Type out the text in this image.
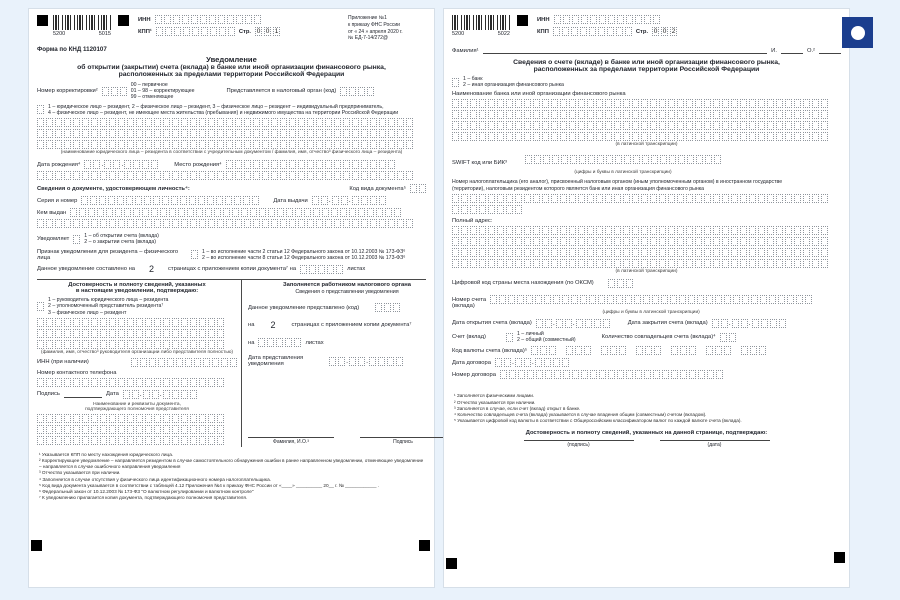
5200	5015
ИНН
КПП¹	Стр. 0 0 1
Приложение №1
к приказу ФНС России
от « 24 » апреля 2020 г.
№ ЕД-7-14/272@
Форма по КНД 1120107
Уведомление
об открытии (закрытии) счета (вклада) в банке или иной организации финансового рынка,
расположенных за пределами территории Российской Федерации
Номер корректировки²
00 – первичное
01 – 98 – корректирующее
99 – отменяющее
Представляется в налоговый орган (код)
1 – юридическое лицо – резидент, 2 – физическое лицо – резидент, 3 – физическое лицо – резидент – индивидуальный предприниматель,
4 – физическое лицо – резидент, не имеющее места жительства (пребывания) и недвижимого имущества на территории Российской Федерации
(наименование юридического лица – резидента в соответствии с учредительным документом / фамилия, имя, отчество³ физического лица – резидента)
Дата рождения⁴	.	.	Место рождения⁴
Сведения о документе, удостоверяющем личность⁴:	Код вида документа⁵
Серия и номер	Дата выдачи	.	.
Кем выдан
Уведомляет
1 – об открытии счета (вклада)
2 – о закрытии счета (вклада)
Признак уведомления для резидента – физического лица
1 – во исполнение части 2 статьи 12 Федерального закона от 10.12.2003 № 173-ФЗ⁶
2 – во исполнение части 8 статьи 12 Федерального закона от 10.12.2003 № 173-ФЗ⁶
Данное уведомление составлено на 2 страницах с приложением копии документа⁷ на	листах
Достоверность и полноту сведений, указанных
в настоящем уведомлении, подтверждаю:
1 – руководитель юридического лица – резидента
2 – уполномоченный представитель резидента⁷
3 – физическое лицо – резидент
(фамилия, имя, отчество³ руководителя организации либо представителя полностью)
ИНН (при наличии)
Номер контактного телефона
Подпись	Дата	.	.
Наименование и реквизиты документа,
подтверждающего полномочия представителя
Заполняется работником налогового органа
Сведения о представлении уведомления
Данное уведомление представлено (код)
на 2	страницах с приложением копии документа⁷
на	листах
Дата представления
уведомления	.	.
Фамилия, И.О.³	Подпись
¹ Указывается КПП по месту нахождения юридического лица.
² Корректирующее уведомление – направляется резидентом в случае самостоятельного обнаружения ошибки в ранее направленном уведомлении, отменяющее уведомление – направляется в случае ошибочного направления уведомления
³ Отчество указывается при наличии.
⁴ Заполняется в случае отсутствия у физического лица идентификационного номера налогоплательщика.
⁵ Код вида документа указывается в соответствии с таблицей 4.12 Приложения №4 к приказу ФНС России от «____» __________ 20__ г. № ____________ .
⁶ Федеральный закон от 10.12.2003 № 173-ФЗ "О валютном регулировании и валютном контроле"
⁷ К уведомлению прилагается копия документа, подтверждающего полномочия представителя.
5200	5022
ИНН
КПП	Стр. 0 0 2
Фамилия¹	И.	О.²
Сведения о счете (вкладе) в банке или иной организации финансового рынка,
расположенных за пределами территории Российской Федерации
1 – банк
2 – иная организация финансового рынка
Наименование банка или иной организации финансового рынка
(в латинской транскрипции)
SWIFT код или БИК³
(цифры и буквы в латинской транскрипции)
Номер налогоплательщика (его аналог), присвоенный налоговым органом (иным уполномоченным органом) в иностранном государстве
(территории), налоговым резидентом которого является банк или иная организация финансового рынка
Полный адрес:
(в латинской транскрипции)
Цифровой код страны места нахождения (по ОКСМ)
Номер счета
(вклада)
(цифры и буквы в латинской транскрипции)
Дата открытия счета (вклада)	.	.	Дата закрытия счета (вклада)	.	.
Счет (вклад)
1 – личный
2 – общий (совместный)	Количество совладельцев счета (вклада)⁴
Код валюты счета (вклада)⁵
Дата договора	.	.
Номер договора
¹ Заполняется физическими лицами.
² Отчество указывается при наличии.
³ Заполняется в случае, если счет (вклад) открыт в банке.
⁴ Количество совладельцев счета (вклада) указывается в случае владения общим (совместным) счетом (вкладом).
⁵ Указывается цифровой код валюты в соответствии с Общероссийским классификатором валют по каждой валюте счета (вклада).
Достоверность и полноту сведений, указанных на данной странице, подтверждаю:
(подпись)	(дата)
